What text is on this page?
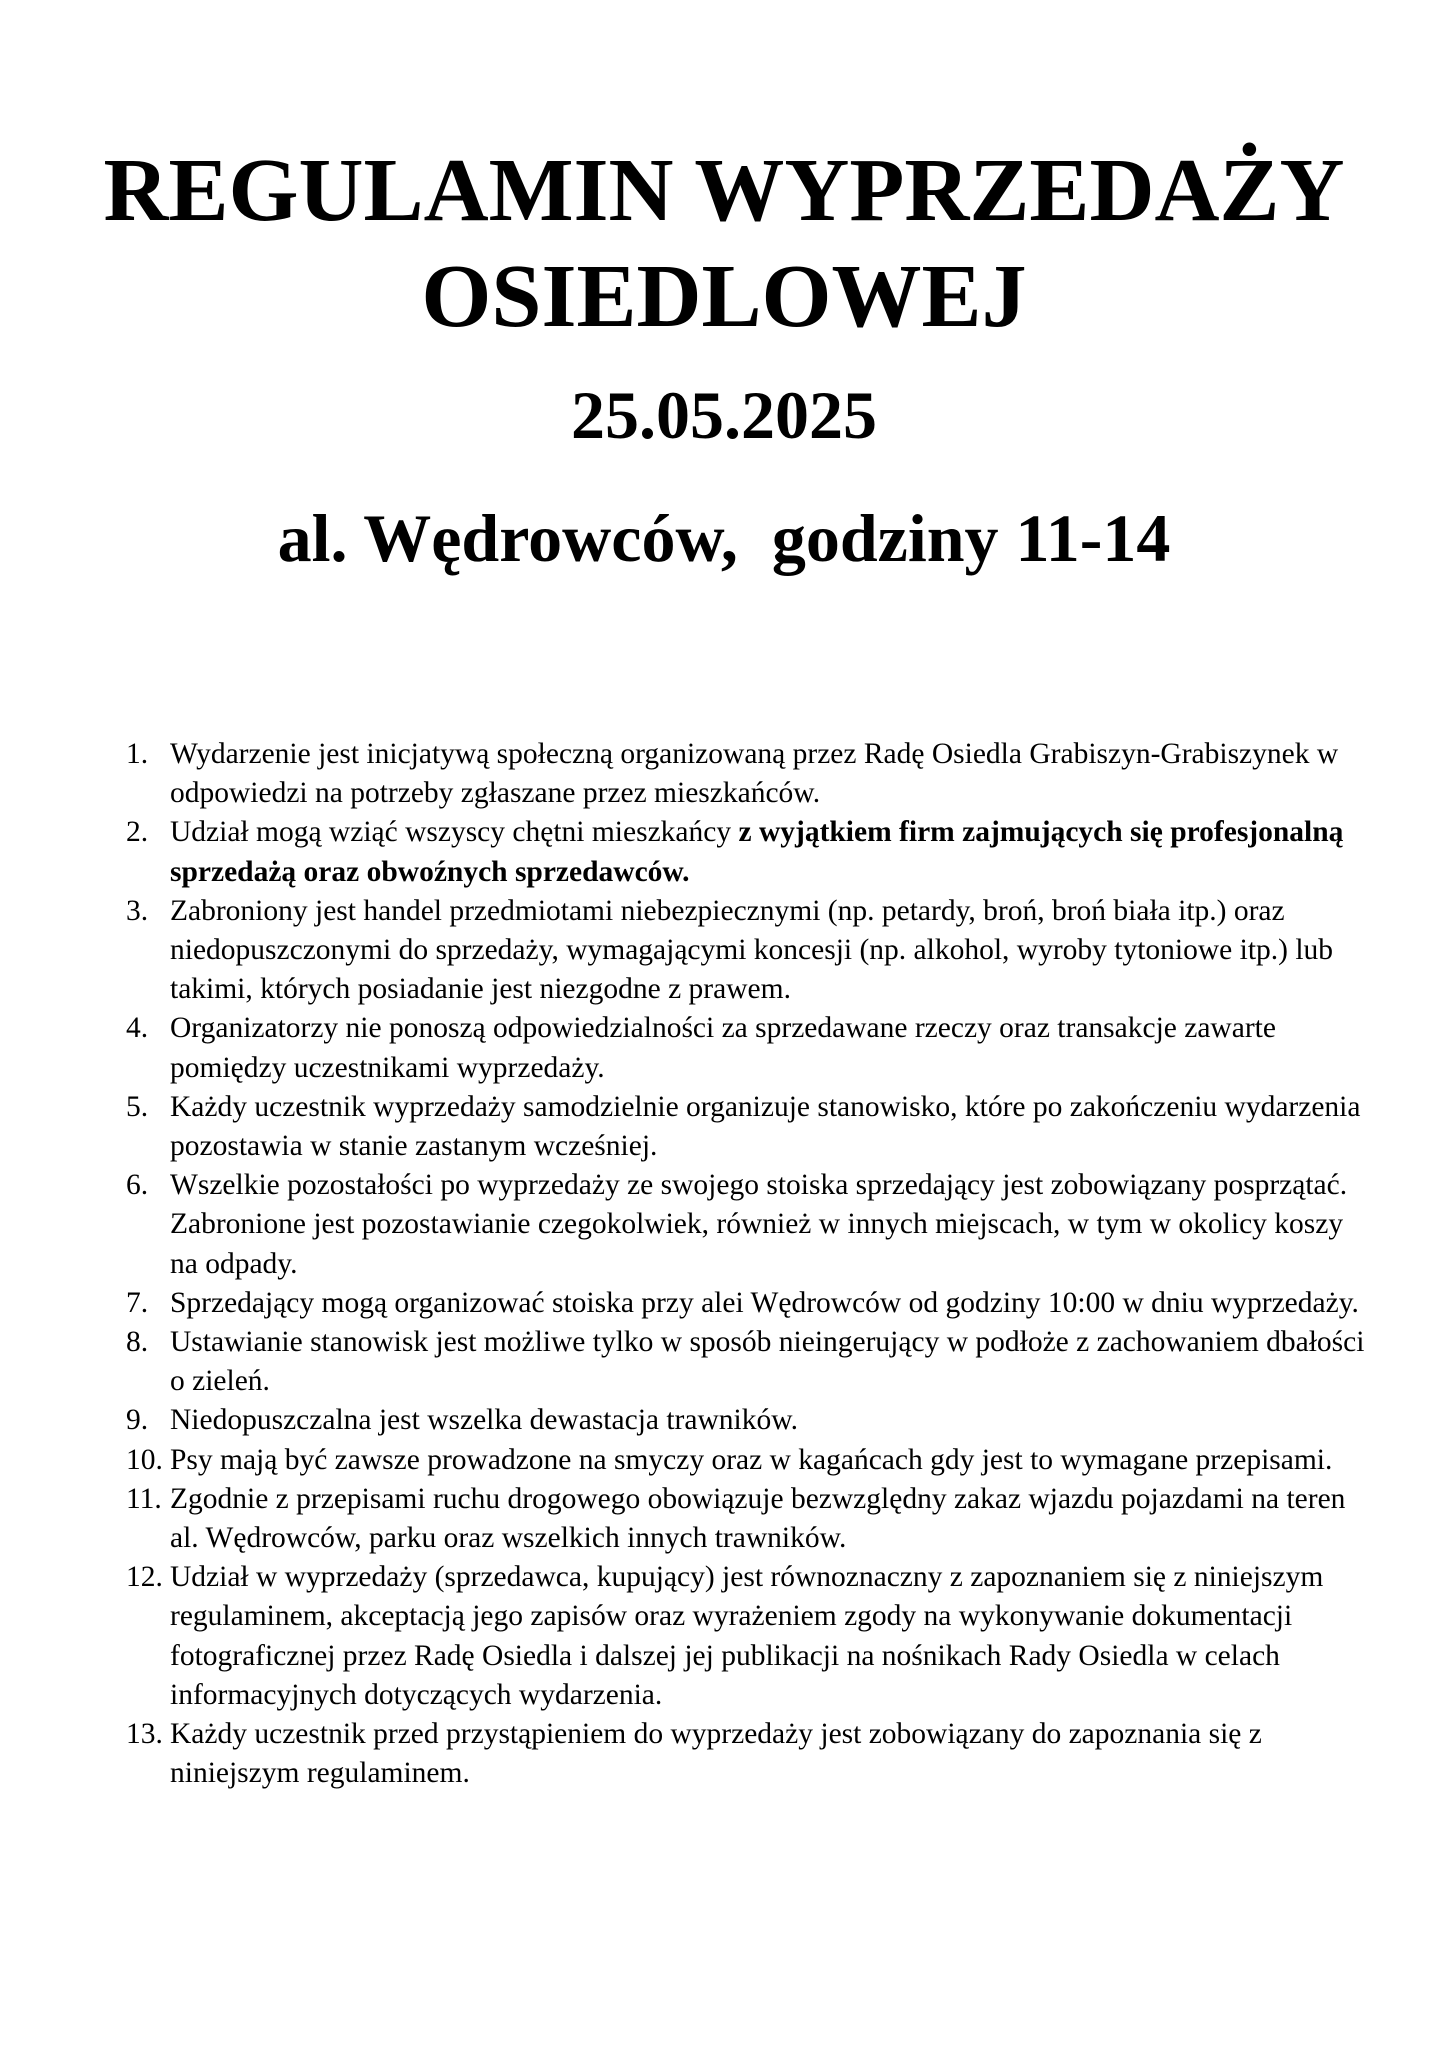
REGULAMIN WYPRZEDAŻY
OSIEDLOWEJ
25.05.2025
al. Wędrowców,  godziny 11-14
1. Wydarzenie jest inicjatywą społeczną organizowaną przez Radę Osiedla Grabiszyn-Grabiszynek w odpowiedzi na potrzeby zgłaszane przez mieszkańców.
2. Udział mogą wziąć wszyscy chętni mieszkańcy z wyjątkiem firm zajmujących się profesjonalną sprzedażą oraz obwoźnych sprzedawców.
3. Zabroniony jest handel przedmiotami niebezpiecznymi (np. petardy, broń, broń biała itp.) oraz niedopuszczonymi do sprzedaży, wymagającymi koncesji (np. alkohol, wyroby tytoniowe itp.) lub takimi, których posiadanie jest niezgodne z prawem.
4. Organizatorzy nie ponoszą odpowiedzialności za sprzedawane rzeczy oraz transakcje zawarte pomiędzy uczestnikami wyprzedaży.
5. Każdy uczestnik wyprzedaży samodzielnie organizuje stanowisko, które po zakończeniu wydarzenia pozostawia w stanie zastanym wcześniej.
6. Wszelkie pozostałości po wyprzedaży ze swojego stoiska sprzedający jest zobowiązany posprzątać. Zabronione jest pozostawianie czegokolwiek, również w innych miejscach, w tym w okolicy koszy na odpady.
7. Sprzedający mogą organizować stoiska przy alei Wędrowców od godziny 10:00 w dniu wyprzedaży.
8. Ustawianie stanowisk jest możliwe tylko w sposób nieingerujący w podłoże z zachowaniem dbałości o zieleń.
9. Niedopuszczalna jest wszelka dewastacja trawników.
10. Psy mają być zawsze prowadzone na smyczy oraz w kagańcach gdy jest to wymagane przepisami.
11. Zgodnie z przepisami ruchu drogowego obowiązuje bezwzględny zakaz wjazdu pojazdami na teren al. Wędrowców, parku oraz wszelkich innych trawników.
12. Udział w wyprzedaży (sprzedawca, kupujący) jest równoznaczny z zapoznaniem się z niniejszym regulaminem, akceptacją jego zapisów oraz wyrażeniem zgody na wykonywanie dokumentacji fotograficznej przez Radę Osiedla i dalszej jej publikacji na nośnikach Rady Osiedla w celach informacyjnych dotyczących wydarzenia.
13. Każdy uczestnik przed przystąpieniem do wyprzedaży jest zobowiązany do zapoznania się z niniejszym regulaminem.
